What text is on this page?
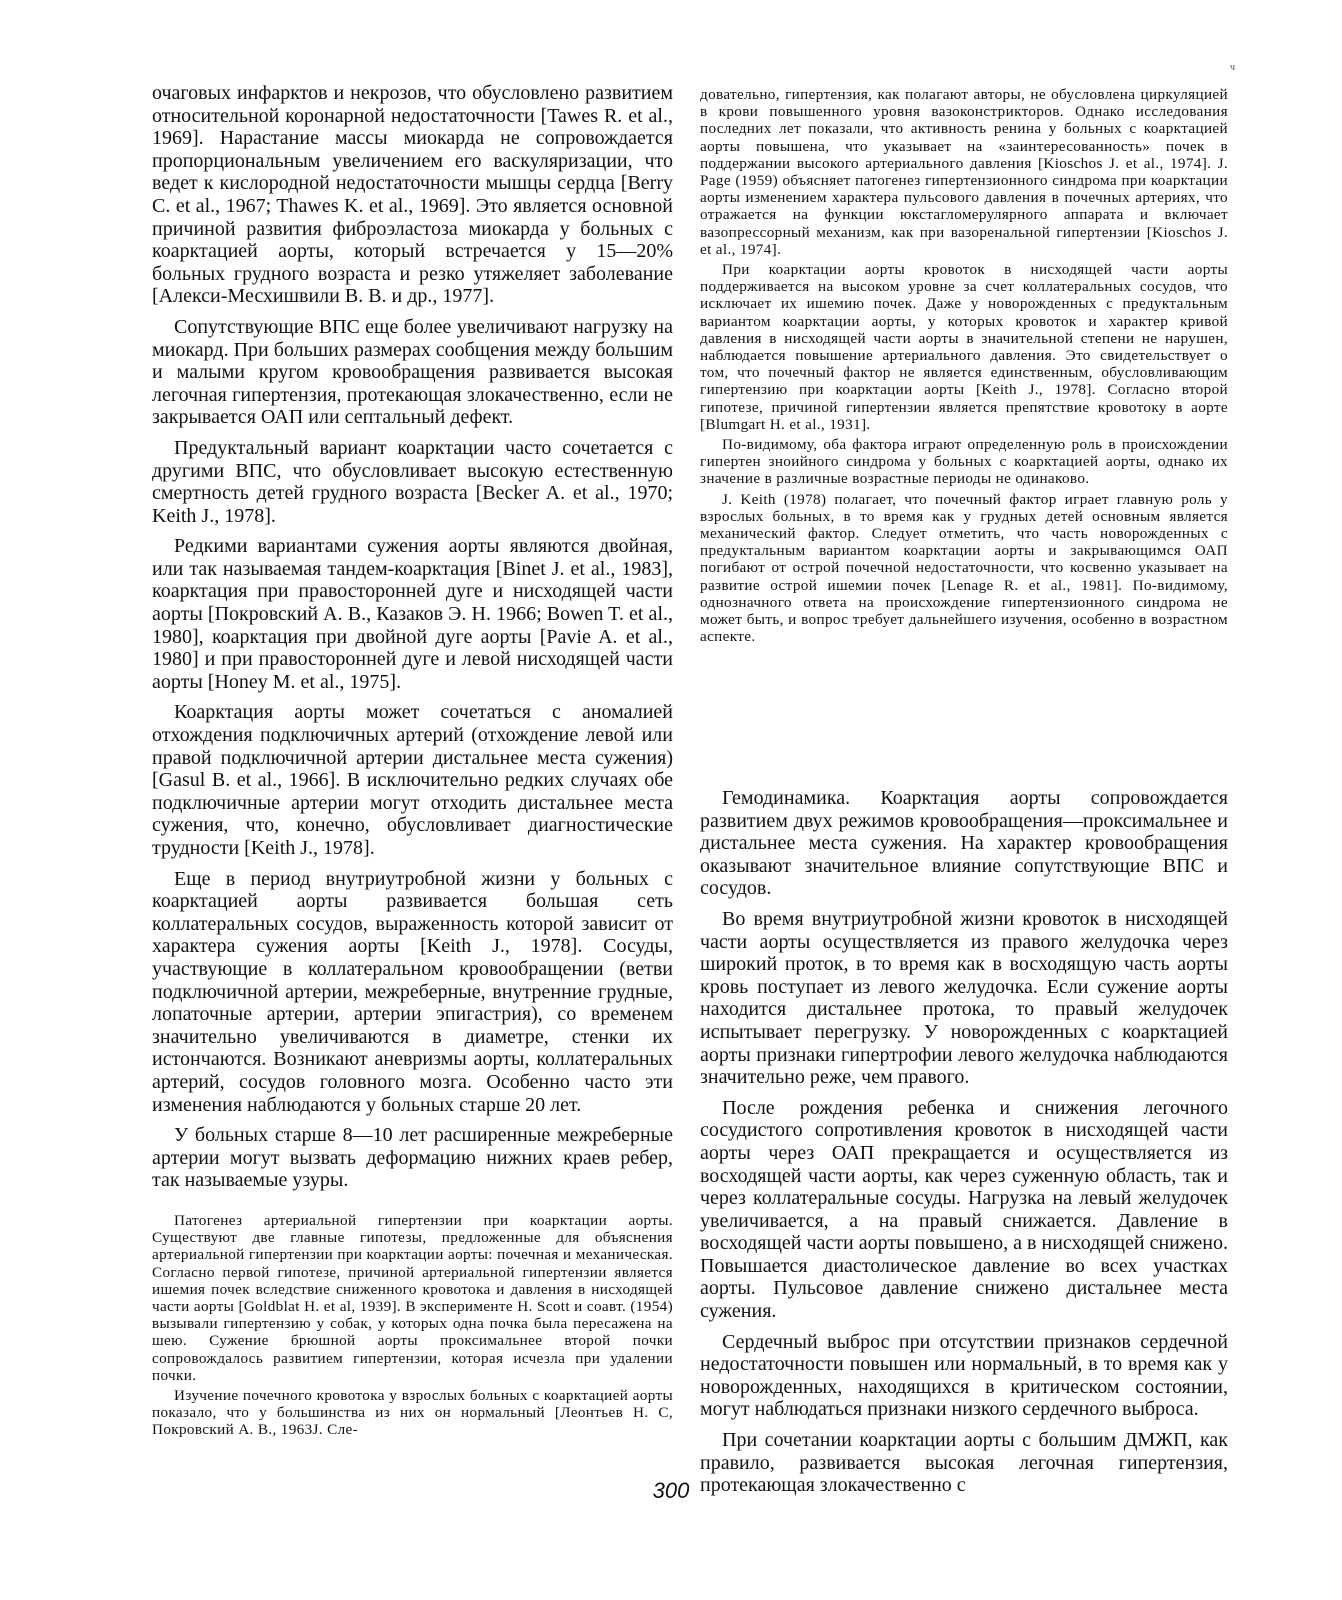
ч

очаговых инфарктов и некрозов, что обусловлено развитием относительной коронарной недостаточности [Tawes R. et al., 1969]. Нарастание массы миокарда не сопровождается пропорциональным увеличением его васкуляризации, что ведет к кислородной недостаточности мышцы сердца [Berry C. et al., 1967; Thawes K. et al., 1969]. Это является основной причиной развития фиброэластоза миокарда у больных с коарктацией аорты, который встречается у 15—20% больных грудного возраста и резко утяжеляет заболевание [Алекси-Месхишвили В. В. и др., 1977].

Сопутствующие ВПС еще более увеличивают нагрузку на миокард. При больших размерах сообщения между большим и малыми кругом кровообращения развивается высокая легочная гипертензия, протекающая злокачественно, если не закрывается ОАП или септальный дефект.

Предуктальный вариант коарктации часто сочетается с другими ВПС, что обусловливает высокую естественную смертность детей грудного возраста [Becker A. et al., 1970; Keith J., 1978].

Редкими вариантами сужения аорты являются двойная, или так называемая тандем-коарктация [Binet J. et al., 1983], коарктация при правосторонней дуге и нисходящей части аорты [Покровский А. В., Казаков Э. Н. 1966; Bowen T. et al., 1980], коарктация при двойной дуге аорты [Pavie A. et al., 1980] и при правосторонней дуге и левой нисходящей части аорты [Honey M. et al., 1975].

Коарктация аорты может сочетаться с аномалией отхождения подключичных артерий (отхождение левой или правой подключичной артерии дистальнее места сужения) [Gasul B. et al., 1966]. В исключительно редких случаях обе подключичные артерии могут отходить дистальнее места сужения, что, конечно, обусловливает диагностические трудности [Keith J., 1978].

Еще в период внутриутробной жизни у больных с коарктацией аорты развивается большая сеть коллатеральных сосудов, выраженность которой зависит от характера сужения аорты [Keith J., 1978]. Сосуды, участвующие в коллатеральном кровообращении (ветви подключичной артерии, межреберные, внутренние грудные, лопаточные артерии, артерии эпигастрия), со временем значительно увеличиваются в диаметре, стенки их истончаются. Возникают аневризмы аорты, коллатеральных артерий, сосудов головного мозга. Особенно часто эти изменения наблюдаются у больных старше 20 лет.

У больных старше 8—10 лет расширенные межреберные артерии могут вызвать деформацию нижних краев ребер, так называемые узуры.

Патогенез артериальной гипертензии при коарктации аорты. Существуют две главные гипотезы, предложенные для объяснения артериальной гипертензии при коарктации аорты: почечная и механическая. Согласно первой гипотезе, причиной артериальной гипертензии является ишемия почек вследствие сниженного кровотока и давления в нисходящей части аорты [Goldblat H. et al, 1939]. В эксперименте H. Scott и соавт. (1954) вызывали гипертензию у собак, у которых одна почка была пересажена на шею. Сужение брюшной аорты проксимальнее второй почки сопровождалось развитием гипертензии, которая исчезла при удалении почки.

Изучение почечного кровотока у взрослых больных с коарктацией аорты показало, что у большинства из них он нормальный [Леонтьев Н. С, Покровский А. В., 1963J. Сле-

довательно, гипертензия, как полагают авторы, не обусловлена циркуляцией в крови повышенного уровня вазоконстрикторов. Однако исследования последних лет показали, что активность ренина у больных с коарктацией аорты повышена, что указывает на «заинтересованность» почек в поддержании высокого артериального давления [Kioschos J. et al., 1974]. J. Page (1959) объясняет патогенез гипертензионного синдрома при коарктации аорты изменением характера пульсового давления в почечных артериях, что отражается на функции юкстагломерулярного аппарата и включает вазопрессорный механизм, как при вазоренальной гипертензии [Kioschos J. et al., 1974].

При коарктации аорты кровоток в нисходящей части аорты поддерживается на высоком уровне за счет коллатеральных сосудов, что исключает их ишемию почек. Даже у новорожденных с предуктальным вариантом коарктации аорты, у которых кровоток и характер кривой давления в нисходящей части аорты в значительной степени не нарушен, наблюдается повышение артериального давления. Это свидетельствует о том, что почечный фактор не является единственным, обусловливающим гипертензию при коарктации аорты [Keith J., 1978]. Согласно второй гипотезе, причиной гипертензии является препятствие кровотоку в аорте [Blumgart H. et al., 1931].

По-видимому, оба фактора играют определенную роль в происхождении гипертен зноийного синдрома у больных с коарктацией аорты, однако их значение в различные возрастные периоды не одинаково.

J. Keith (1978) полагает, что почечный фактор играет главную роль у взрослых больных, в то время как у грудных детей основным является механический фактор. Следует отметить, что часть новорожденных с предуктальным вариантом коарктации аорты и закрывающимся ОАП погибают от острой почечной недостаточности, что косвенно указывает на развитие острой ишемии почек [Lenage R. et al., 1981]. По-видимому, однозначного ответа на происхождение гипертензионного синдрома не может быть, и вопрос требует дальнейшего изучения, особенно в возрастном аспекте.

Гемодинамика. Коарктация аорты сопровождается развитием двух режимов кровообращения—проксимальнее и дистальнее места сужения. На характер кровообращения оказывают значительное влияние сопутствующие ВПС и сосудов.

Во время внутриутробной жизни кровоток в нисходящей части аорты осуществляется из правого желудочка через широкий проток, в то время как в восходящую часть аорты кровь поступает из левого желудочка. Если сужение аорты находится дистальнее протока, то правый желудочек испытывает перегрузку. У новорожденных с коарктацией аорты признаки гипертрофии левого желудочка наблюдаются значительно реже, чем правого.

После рождения ребенка и снижения легочного сосудистого сопротивления кровоток в нисходящей части аорты через ОАП прекращается и осуществляется из восходящей части аорты, как через суженную область, так и через коллатеральные сосуды. Нагрузка на левый желудочек увеличивается, а на правый снижается. Давление в восходящей части аорты повышено, а в нисходящей снижено. Повышается диастолическое давление во всех участках аорты. Пульсовое давление снижено дистальнее места сужения.

Сердечный выброс при отсутствии признаков сердечной недостаточности повышен или нормальный, в то время как у новорожденных, находящихся в критическом состоянии, могут наблюдаться признаки низкого сердечного выброса.

При сочетании коарктации аорты с большим ДМЖП, как правило, развивается высокая легочная гипертензия, протекающая злокачественно с

300
